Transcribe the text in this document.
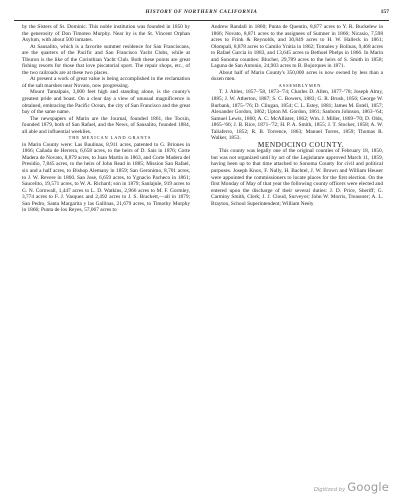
HISTORY OF NORTHERN CALIFORNIA	157

by the Sisters of St. Dominic. This noble institution was founded in 1850 by the generosity of Don Timoteo Murphy. Near by is the St. Vincent Orphan Asylum, with about 500 inmates.

At Sausalito, which is a favorite summer residence for San Franciscans, are the quarters of the Pacific and San Francisco Yacht Clubs, while at Tiburon is the like of the Corinthian Yacht Club. Both these points are great fishing resorts for those that love piscatorial sport. The repair shops, etc., of the two railroads are at these two places.

At present a work of great value is being accomplished in the reclamation of the salt marshes near Novato, now progressing.

Mount Tamalpais, 3,000 feet high and standing alone, is the county's greatest pride and boast. On a clear day a view of unusual magnificence is obtained, embracing the Pacific Ocean, the city of San Francisco and the great bay of the same name.

The newspapers of Marin are the Journal, founded 1861, the Tocsin, founded 1879, both of San Rafael, and the News, of Sausalito, founded 1884, all able and influential weeklies.

THE MEXICAN LAND GRANTS

in Marin County were: Las Baulinas, 8,911 acres, patented to G. Briones in 1866; Cañada de Herrera, 6,658 acres, to the heirs of D. Sais in 1876; Corte Madera de Novato, 8,879 acres, to Juan Martin in 1863, and Corte Madera del Presidio, 7,845 acres, to the heirs of John Read in 1885; Mission San Rafael, six and a half acres, to Bishop Alemany in 1859; San Geronimo, 8,701 acres, to J. W. Revere in 1860. San Jose, 6,659 acres, to Ygnacio Pacheco in 1861; Saucelito, 19,571 acres, to W. A. Richard; son in 1879; Sanlajule, 919 acres to G. N. Cornwall, 1,447 acres to L. D. Watkins, 2,966 acres to M. F. Gormley, 3,774 acres to F. J. Vasquez and 2,492 acres to J. S. Brackett,—all in 1879; San Pedro, Santa Margarita y las Gallinas, 21,679 acres, to Timothy Murphy in 1866; Punta de los Reyes, 57,067 acres to

Andrew Randall in 1860; Punta de Quentin, 8,877 acres to Y. R. Buckelew in 1866; Novato, 8,871 acres to the assignees of Sumner in 1866; Nicasio, 7,598 acres to Frink & Reynolds, and 30,849 acres to H. W. Halleck in 1861; Olompali, 8,878 acres to Camilo Ynitia in 1862; Tomales y Bolinas, 9,468 acres to Rafael Garcia in 1883, and 13,645 acres to Bethuel Phelps in 1866. In Marin and Sonoma counties: Blucher, 29,789 acres to the heirs of S. Smith in 1858; Laguna de San Antonio, 24,903 acres to B. Bojorques in 1871.

About half of Marin County's 350,000 acres is now owned by less than a dozen men.

ASSEMBLYMEN.

T. J. Ables, 1857–'58, 1873–'74; Charles D. Allen, 1877–'78; Joseph Almy, 1885; J. W. Atherton, 1887; S. C. Bowers, 1883; G. R. Brush, 1856; George W. Burbank, 1875–'76; D. Clingan, 1854; C. L. Estey, 1881; James M. Estell, 1857; Alexander Gordon, 1862; Upton M. Gordon, 1861; Sanborn Johnson, 1863–'64; Samuel Lewis, 1860; A. C. McAllister, 1862; Wm. J. Miller, 1869–'70; D. Olds, 1865–'66; J. B. Rice, 1871–'72; H. P. A. Smith, 1855; J. T. Stocker, 1858; A. W. Taliaferro, 1852; R. B. Torrence, 1863; Manuel Torres, 1859; Thomas R. Walker, 1853.

MENDOCINO COUNTY.

This county was legally one of the original counties of February 18, 1850, but was not organized until by act of the Legislature approved March 11, 1859, having been up to that time attached to Sonoma County for civil and political purposes. Joseph Knox, F. Nally, H. Bachtel, J. W. Brown and William Heuser were appointed the commissioners to locate places for the first election. On the first Monday of May of that year the following county officers were elected and entered upon the discharge of their several duties: J. D. Price, Sheriff; G. Carminy Smith, Clerk; J. J. Cloud, Surveyor; John W. Morris, Treasurer; A. L. Brayton, School Superintendent; William Neely

Digitized by Google
